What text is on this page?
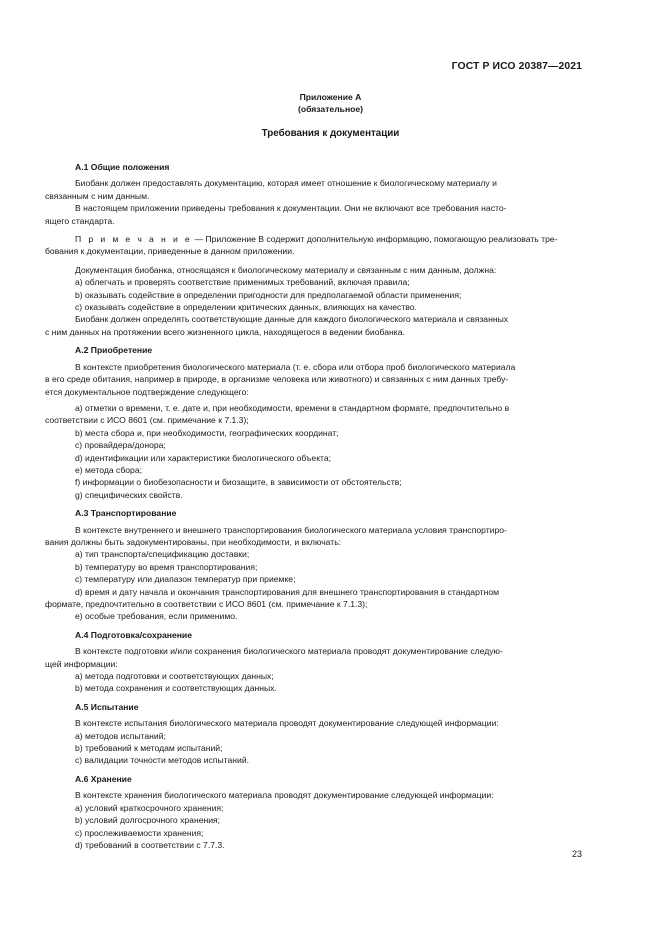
ГОСТ Р ИСО 20387—2021
Приложение А
(обязательное)
Требования к документации

А.1 Общие положения

Биобанк должен предоставлять документацию, которая имеет отношение к биологическому материалу и

связанным с ним данным.

В настоящем приложении приведены требования к документации. Они не включают все требования насто-

ящего стандарта.

П р и м е ч а н и е — Приложение В содержит дополнительную информацию, помогающую реализовать тре-

бования к документации, приведенные в данном приложении.

Документация биобанка, относящаяся к биологическому материалу и связанным с ним данным, должна:

а) облегчать и проверять соответствие применимых требований, включая правила;

b) оказывать содействие в определении пригодности для предполагаемой области применения;

с) оказывать содействие в определении критических данных, влияющих на качество.

Биобанк должен определять соответствующие данные для каждого биологического материала и связанных

с ним данных на протяжении всего жизненного цикла, находящегося в ведении биобанка.

А.2 Приобретение

В контексте приобретения биологического материала (т. е. сбора или отбора проб биологического материала

в его среде обитания, например в природе, в организме человека или животного) и связанных с ним данных требу-

ется документальное подтверждение следующего:

а) отметки о времени, т. е. дате и, при необходимости, времени в стандартном формате, предпочтительно в

соответствии с ИСО 8601 (см. примечание к 7.1.3);

b) места сбора и, при необходимости, географических координат;

с) провайдера/донора;

d) идентификации или характеристики биологического объекта;

е) метода сбора;

f) информации о биобезопасности и биозащите, в зависимости от обстоятельств;

g) специфических свойств.

А.3 Транспортирование

В контексте внутреннего и внешнего транспортирования биологического материала условия транспортиро-

вания должны быть задокументированы, при необходимости, и включать:

а) тип транспорта/спецификацию доставки;

b) температуру во время транспортирования;

с) температуру или диапазон температур при приемке;

d) время и дату начала и окончания транспортирования для внешнего транспортирования в стандартном

формате, предпочтительно в соответствии с ИСО 8601 (см. примечание к 7.1.3);

е) особые требования, если применимо.

А.4 Подготовка/сохранение

В контексте подготовки и/или сохранения биологического материала проводят документирование следую-

щей информации:

а) метода подготовки и соответствующих данных;

b) метода сохранения и соответствующих данных.

А.5 Испытание

В контексте испытания биологического материала проводят документирование следующей информации:

а) методов испытаний;

b) требований к методам испытаний;

с) валидации точности методов испытаний.

А.6 Хранение

В контексте хранения биологического материала проводят документирование следующей информации:

а) условий краткосрочного хранения;

b) условий долгосрочного хранения;

с) прослеживаемости хранения;

d) требований в соответствии с 7.7.3.

23
